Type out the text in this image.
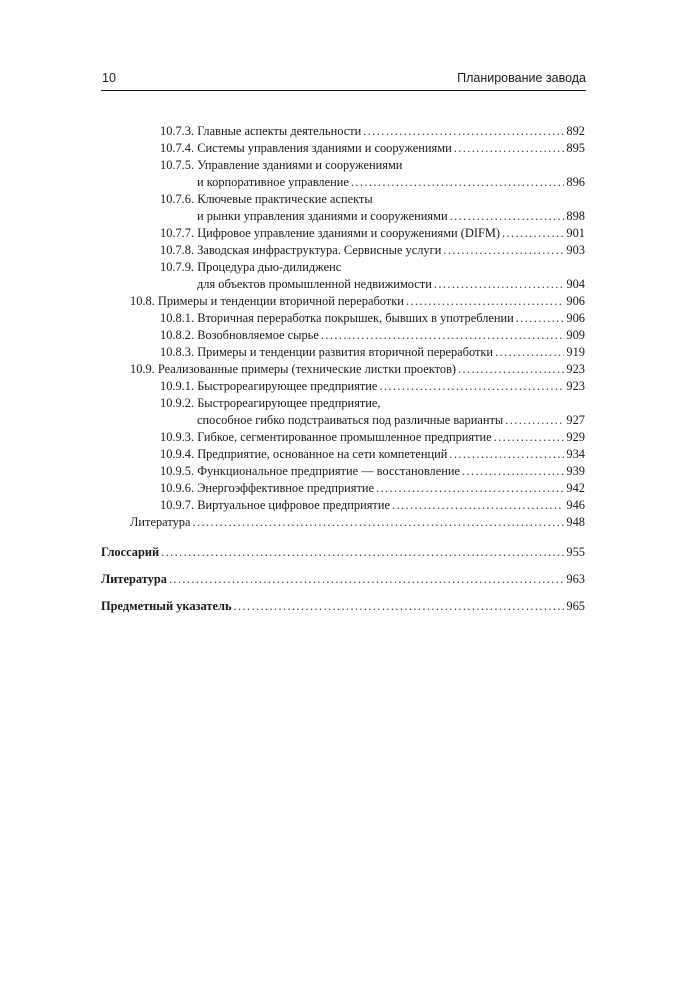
10	Планирование завода
10.7.3. Главные аспекты деятельности .....	892
10.7.4. Системы управления зданиями и сооружениями .....	895
10.7.5. Управление зданиями и сооружениями
и корпоративное управление .....	896
10.7.6. Ключевые практические аспекты
и рынки управления зданиями и сооружениями .....	898
10.7.7. Цифровое управление зданиями и сооружениями (DIFM) .....	901
10.7.8. Заводская инфраструктура. Сервисные услуги .....	903
10.7.9. Процедура дью-дилидженс
для объектов промышленной недвижимости .....	904
10.8. Примеры и тенденции вторичной переработки .....	906
10.8.1. Вторичная переработка покрышек, бывших в употреблении .....	906
10.8.2. Возобновляемое сырье .....	909
10.8.3. Примеры и тенденции развития вторичной переработки .....	919
10.9. Реализованные примеры (технические листки проектов) .....	923
10.9.1. Быстрореагирующее предприятие .....	923
10.9.2. Быстрореагирующее предприятие,
способное гибко подстраиваться под различные варианты .....	927
10.9.3. Гибкое, сегментированное промышленное предприятие .....	929
10.9.4. Предприятие, основанное на сети компетенций .....	934
10.9.5. Функциональное предприятие — восстановление .....	939
10.9.6. Энергоэффективное предприятие .....	942
10.9.7. Виртуальное цифровое предприятие .....	946
Литература .....	948
Глоссарий .....	955
Литература .....	963
Предметный указатель .....	965
